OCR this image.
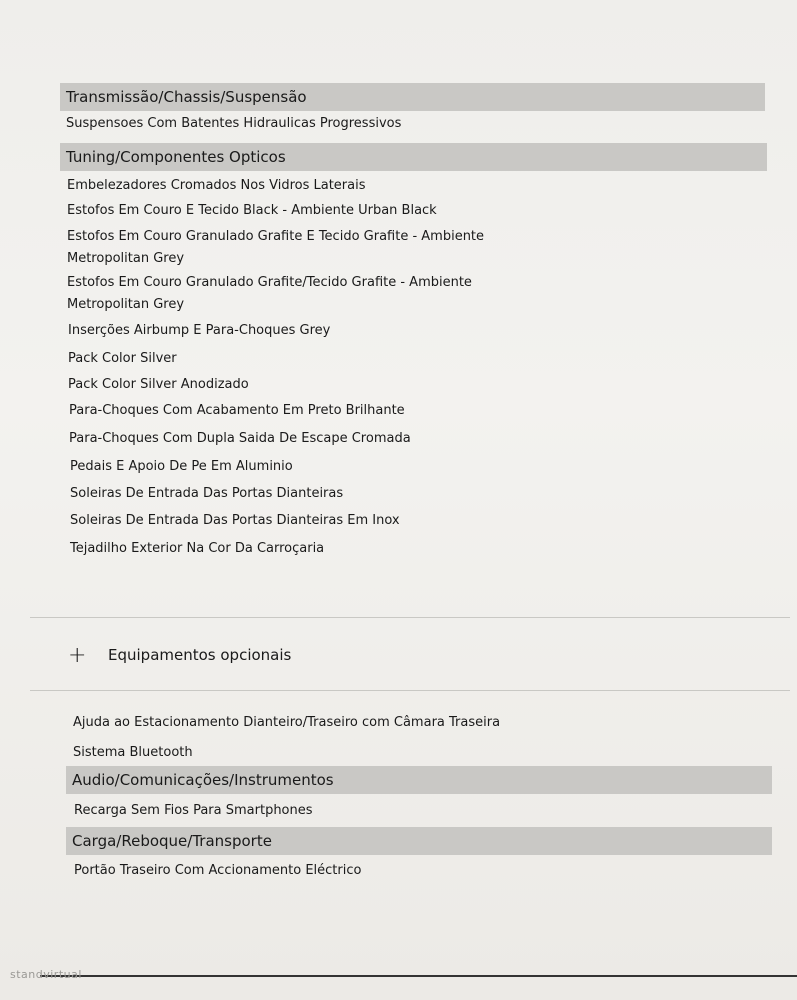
Transmissão/Chassis/Suspensão
Suspensoes Com Batentes Hidraulicas Progressivos
Tuning/Componentes Opticos
Embelezadores Cromados Nos Vidros Laterais
Estofos Em Couro E Tecido Black - Ambiente Urban Black
Estofos Em Couro Granulado Grafite E Tecido Grafite - Ambiente
Metropolitan Grey
Estofos Em Couro Granulado Grafite/Tecido Grafite - Ambiente
Metropolitan Grey
Inserções Airbump E Para-Choques Grey
Pack Color Silver
Pack Color Silver Anodizado
Para-Choques Com Acabamento Em Preto Brilhante
Para-Choques Com Dupla Saida De Escape Cromada
Pedais E Apoio De Pe Em Aluminio
Soleiras De Entrada Das Portas Dianteiras
Soleiras De Entrada Das Portas Dianteiras Em Inox
Tejadilho Exterior Na Cor Da Carroçaria
+ Equipamentos opcionais
Ajuda ao Estacionamento Dianteiro/Traseiro com Câmara Traseira
Sistema Bluetooth
Audio/Comunicações/Instrumentos
Recarga Sem Fios Para Smartphones
Carga/Reboque/Transporte
Portão Traseiro Com Accionamento Eléctrico
standvirtual
